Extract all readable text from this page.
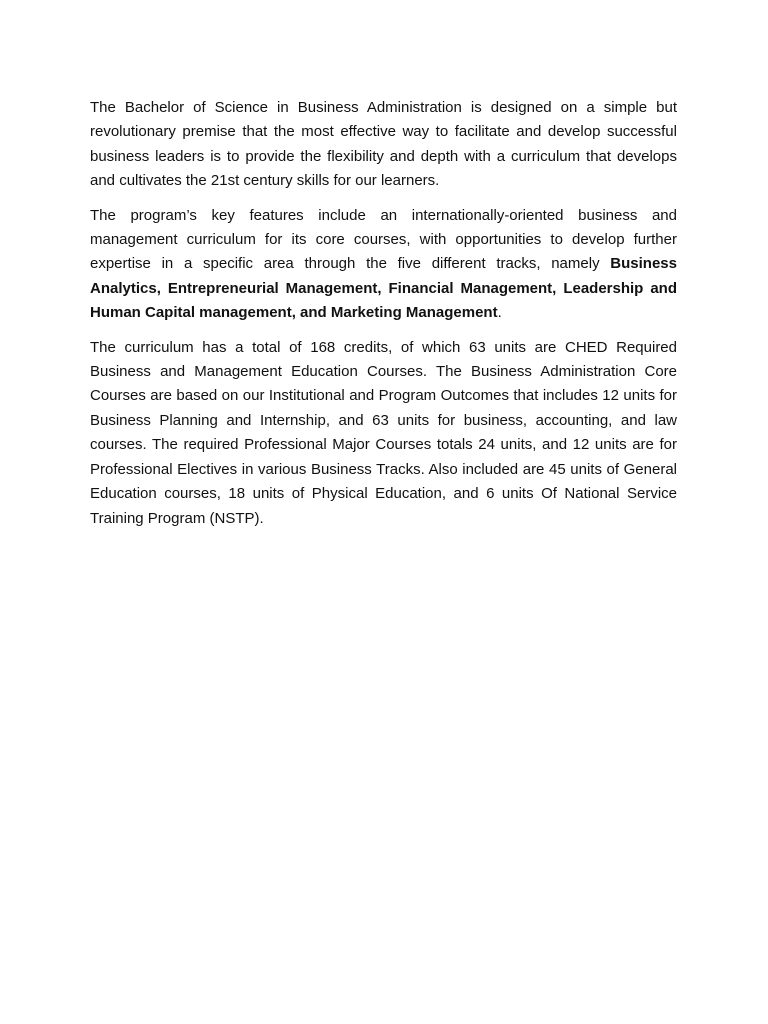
The Bachelor of Science in Business Administration is designed on a simple but revolutionary premise that the most effective way to facilitate and develop successful business leaders is to provide the flexibility and depth with a curriculum that develops and cultivates the 21st century skills for our learners.

The program’s key features include an internationally-oriented business and management curriculum for its core courses, with opportunities to develop further expertise in a specific area through the five different tracks, namely Business Analytics, Entrepreneurial Management, Financial Management, Leadership and Human Capital management, and Marketing Management.

The curriculum has a total of 168 credits, of which 63 units are CHED Required Business and Management Education Courses. The Business Administration Core Courses are based on our Institutional and Program Outcomes that includes 12 units for Business Planning and Internship, and 63 units for business, accounting, and law courses. The required Professional Major Courses totals 24 units, and 12 units are for Professional Electives in various Business Tracks. Also included are 45 units of General Education courses, 18 units of Physical Education, and 6 units Of National Service Training Program (NSTP).
